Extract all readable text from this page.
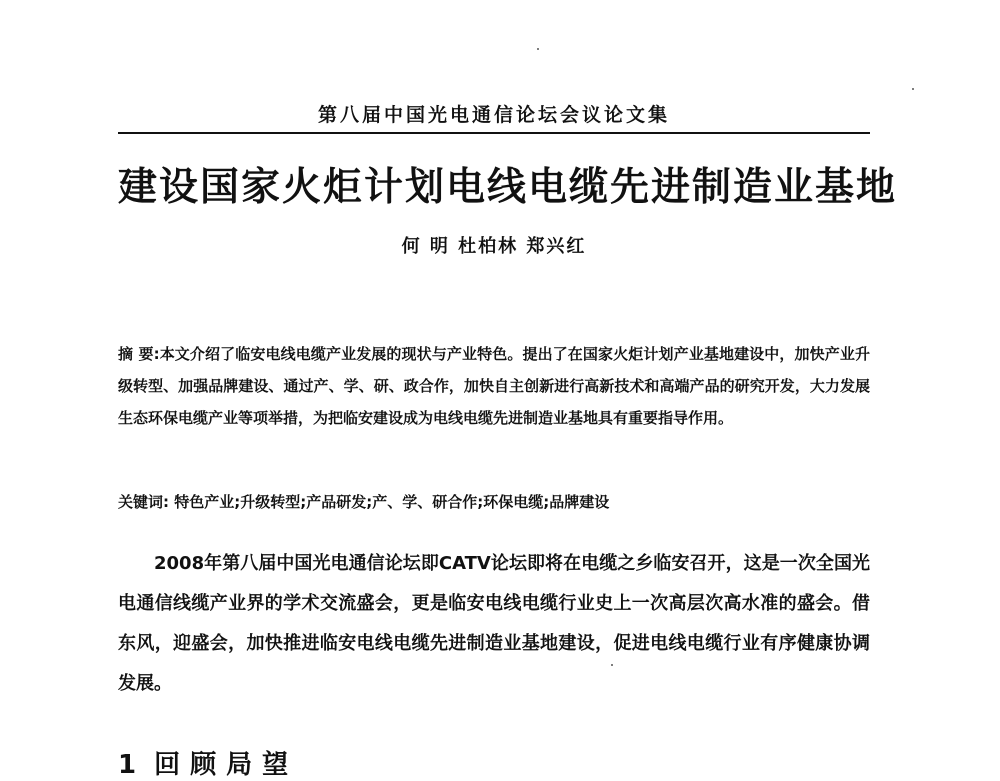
第八届中国光电通信论坛会议论文集
建设国家火炬计划电线电缆先进制造业基地
何 明 杜柏林 郑兴红
摘 要:本文介绍了临安电线电缆产业发展的现状与产业特色。提出了在国家火炬计划产业基地建设中，加快产业升级转型、加强品牌建设、通过产、学、研、政合作，加快自主创新进行高新技术和高端产品的研究开发，大力发展生态环保电缆产业等项举措，为把临安建设成为电线电缆先进制造业基地具有重要指导作用。
关键词: 特色产业;升级转型;产品研发;产、学、研合作;环保电缆;品牌建设

2008年第八届中国光电通信论坛即CATV论坛即将在电缆之乡临安召开，这是一次全国光电通信线缆产业界的学术交流盛会，更是临安电线电缆行业史上一次高层次高水准的盛会。借东风，迎盛会，加快推进临安电线电缆先进制造业基地建设，促进电线电缆行业有序健康协调发展。

1 回顾局望
